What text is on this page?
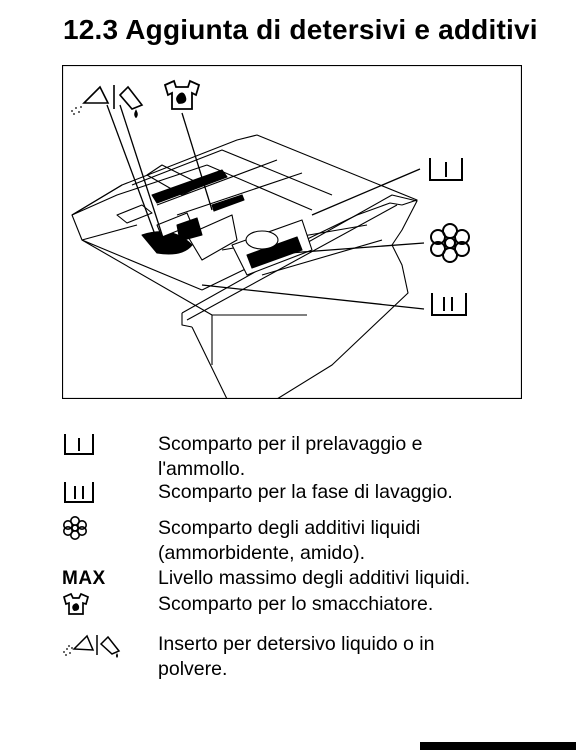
12.3 Aggiunta di detersivi e additivi
Scomparto per il prelavaggio e
l'ammollo.
Scomparto per la fase di lavaggio.
Scomparto degli additivi liquidi
(ammorbidente, amido).
MAX	Livello massimo degli additivi liquidi.
Scomparto per lo smacchiatore.
Inserto per detersivo liquido o in
polvere.
